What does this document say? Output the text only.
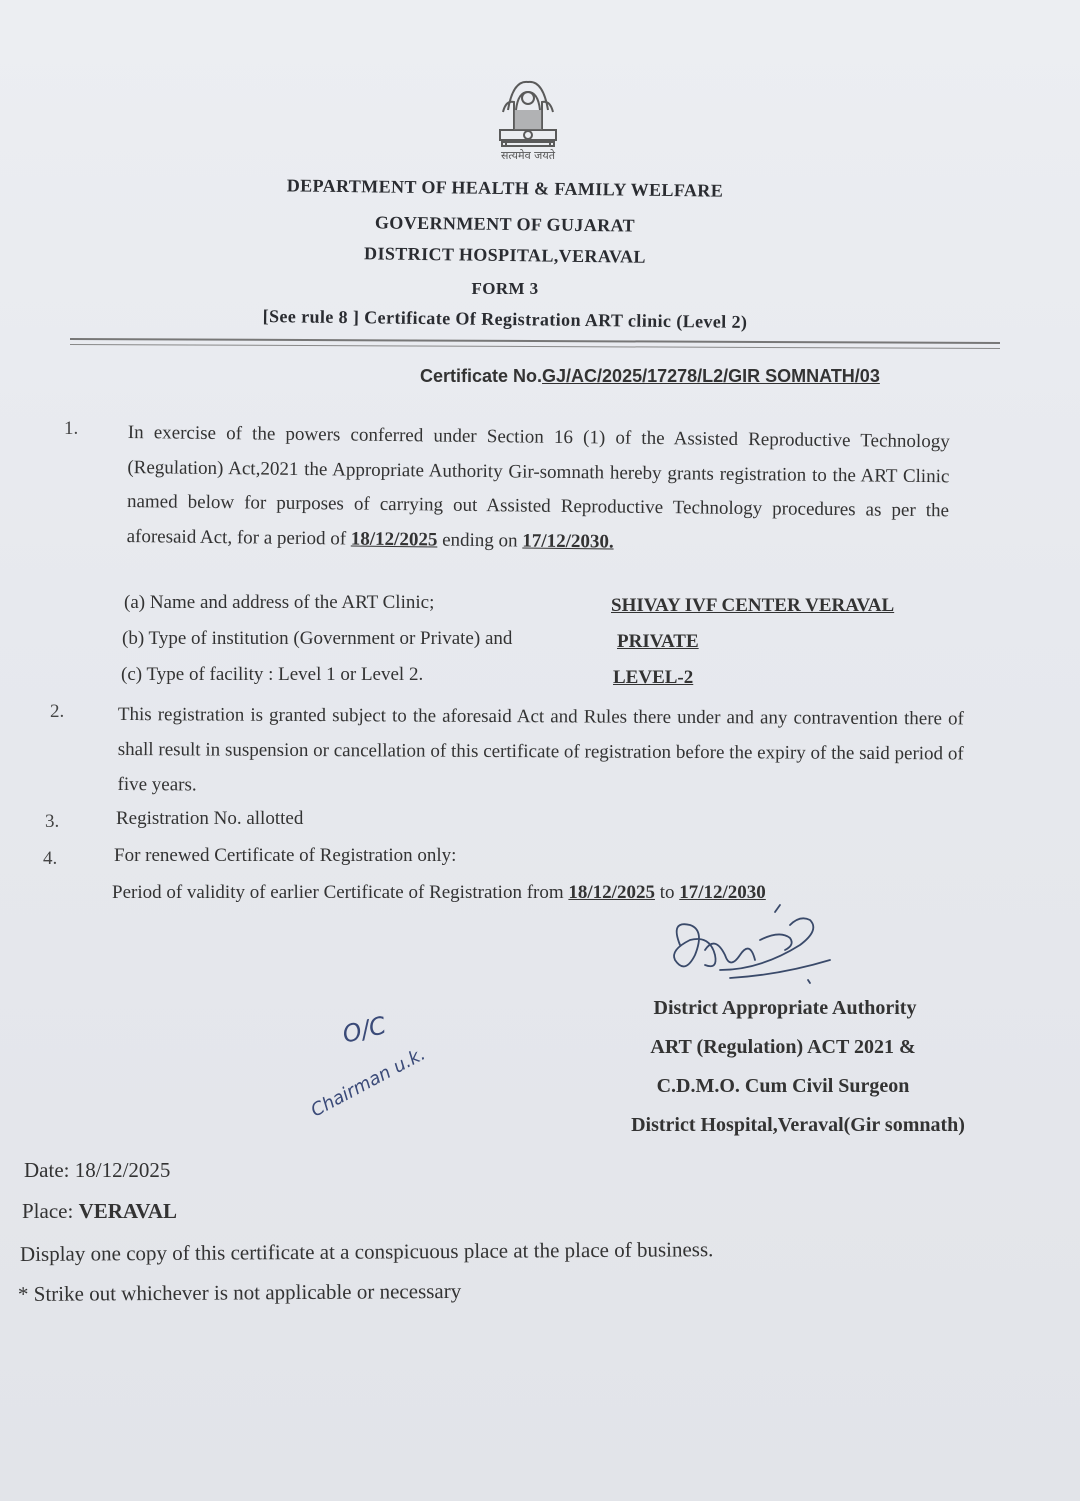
सत्यमेव जयते
DEPARTMENT OF HEALTH & FAMILY WELFARE
GOVERNMENT OF GUJARAT
DISTRICT HOSPITAL,VERAVAL
FORM 3
[See rule 8 ] Certificate Of Registration ART clinic (Level 2)
Certificate No.GJ/AC/2025/17278/L2/GIR SOMNATH/03
1.	In exercise of the powers conferred under Section 16 (1) of the Assisted Reproductive Technology (Regulation) Act,2021 the Appropriate Authority Gir-somnath hereby grants registration to the ART Clinic named below for purposes of carrying out Assisted Reproductive Technology procedures as per the aforesaid Act, for a period of 18/12/2025 ending on 17/12/2030.
(a) Name and address of the ART Clinic;	SHIVAY IVF CENTER VERAVAL
(b) Type of institution (Government or Private) and	PRIVATE
(c) Type of facility : Level 1 or Level 2.	LEVEL-2
2.	This registration is granted subject to the aforesaid Act and Rules there under and any contravention there of shall result in suspension or cancellation of this certificate of registration before the expiry of the said period of five years.
3.	Registration No. allotted
4.	For renewed Certificate of Registration only:
Period of validity of earlier Certificate of Registration from 18/12/2025 to 17/12/2030
O/C
Chairman u.k.
District Appropriate Authority
ART (Regulation) ACT 2021 &
C.D.M.O. Cum Civil Surgeon
District Hospital,Veraval(Gir somnath)
Date: 18/12/2025
Place: VERAVAL
Display one copy of this certificate at a conspicuous place at the place of business.
* Strike out whichever is not applicable or necessary
